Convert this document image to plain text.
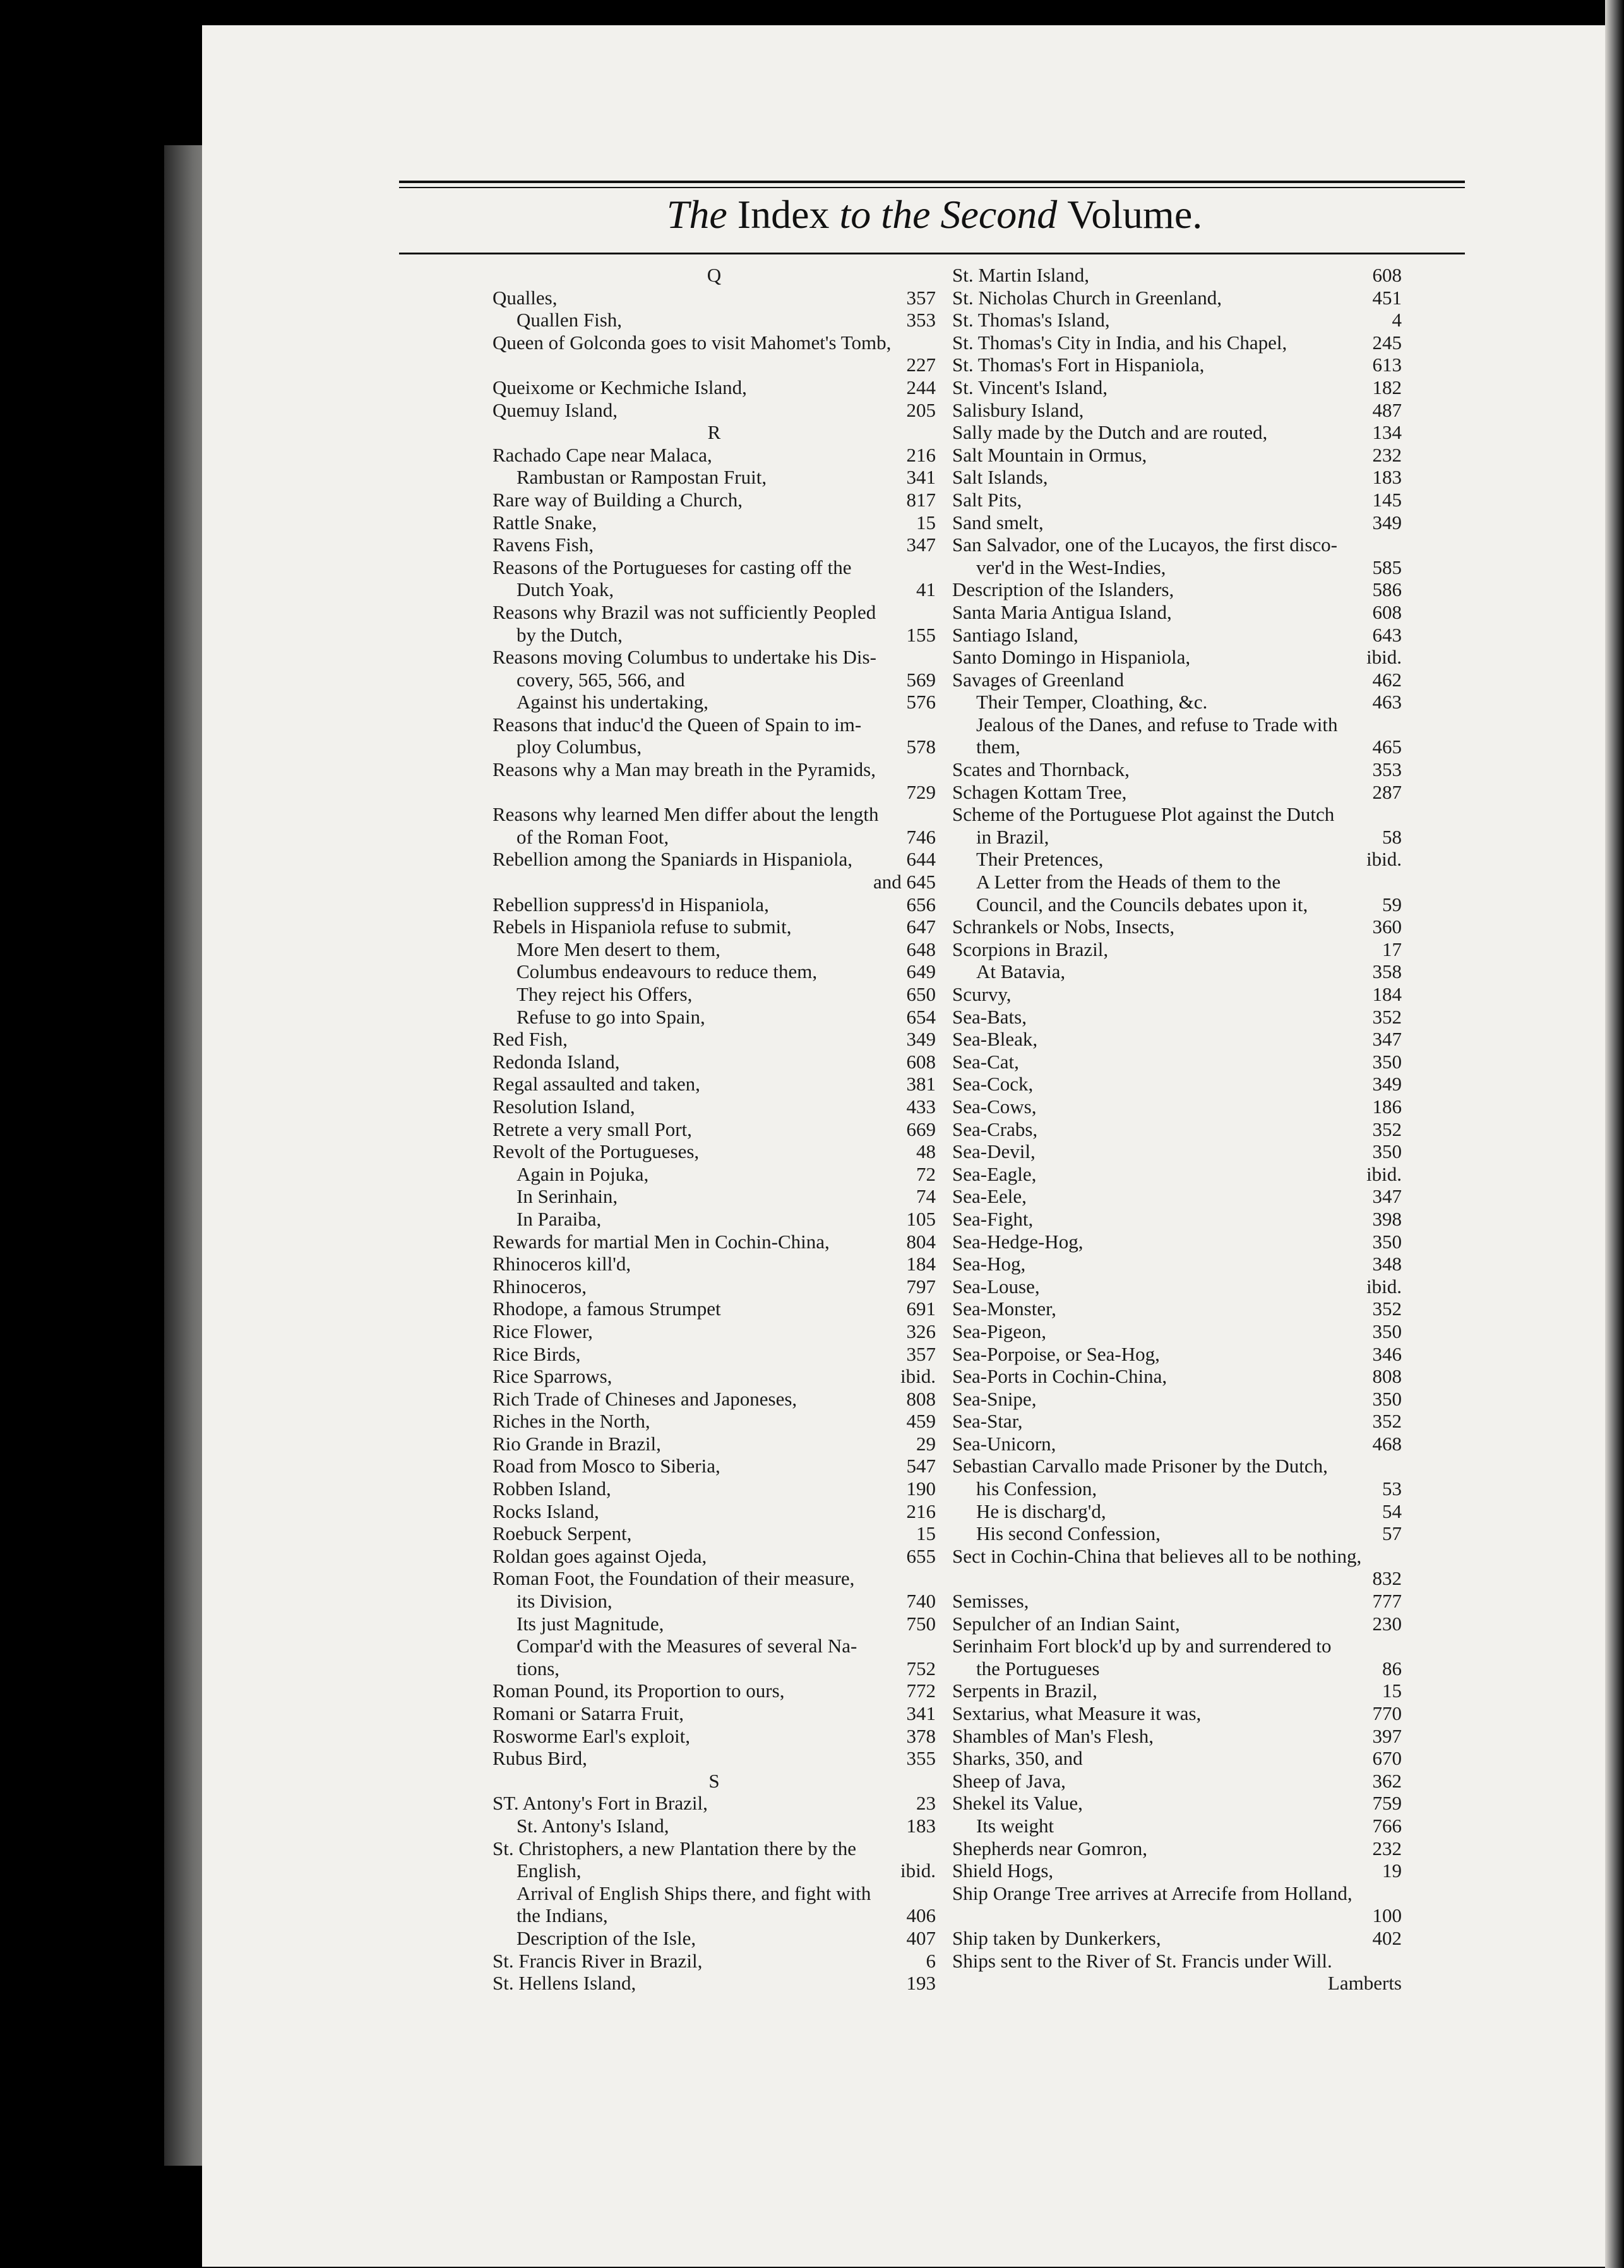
The Index to the Second Volume.
Q
Qualles,	357
Quallen Fish,	353
Queen of Golconda goes to visit Mahomet's Tomb,
227
Queixome or Kechmiche Island,	244
Quemuy Island,	205
R
Rachado Cape near Malaca,	216
Rambustan or Rampostan Fruit,	341
Rare way of Building a Church,	817
Rattle Snake,	15
Ravens Fish,	347
Reasons of the Portugueses for casting off the
Dutch Yoak,	41
Reasons why Brazil was not sufficiently Peopled
by the Dutch,	155
Reasons moving Columbus to undertake his Dis-
covery, 565, 566, and	569
Against his undertaking,	576
Reasons that induc'd the Queen of Spain to im-
ploy Columbus,	578
Reasons why a Man may breath in the Pyramids,
729
Reasons why learned Men differ about the length
of the Roman Foot,	746
Rebellion among the Spaniards in Hispaniola,	644
and 645
Rebellion suppress'd in Hispaniola,	656
Rebels in Hispaniola refuse to submit,	647
More Men desert to them,	648
Columbus endeavours to reduce them,	649
They reject his Offers,	650
Refuse to go into Spain,	654
Red Fish,	349
Redonda Island,	608
Regal assaulted and taken,	381
Resolution Island,	433
Retrete a very small Port,	669
Revolt of the Portugueses,	48
Again in Pojuka,	72
In Serinhain,	74
In Paraiba,	105
Rewards for martial Men in Cochin-China,	804
Rhinoceros kill'd,	184
Rhinoceros,	797
Rhodope, a famous Strumpet	691
Rice Flower,	326
Rice Birds,	357
Rice Sparrows,	ibid.
Rich Trade of Chineses and Japoneses,	808
Riches in the North,	459
Rio Grande in Brazil,	29
Road from Mosco to Siberia,	547
Robben Island,	190
Rocks Island,	216
Roebuck Serpent,	15
Roldan goes against Ojeda,	655
Roman Foot, the Foundation of their measure,
its Division,	740
Its just Magnitude,	750
Compar'd with the Measures of several Na-
tions,	752
Roman Pound, its Proportion to ours,	772
Romani or Satarra Fruit,	341
Rosworme Earl's exploit,	378
Rubus Bird,	355
S
ST. Antony's Fort in Brazil,	23
St. Antony's Island,	183
St. Christophers, a new Plantation there by the
English,	ibid.
Arrival of English Ships there, and fight with
the Indians,	406
Description of the Isle,	407
St. Francis River in Brazil,	6
St. Hellens Island,	193
St. Martin Island,	608
St. Nicholas Church in Greenland,	451
St. Thomas's Island,	4
St. Thomas's City in India, and his Chapel,	245
St. Thomas's Fort in Hispaniola,	613
St. Vincent's Island,	182
Salisbury Island,	487
Sally made by the Dutch and are routed,	134
Salt Mountain in Ormus,	232
Salt Islands,	183
Salt Pits,	145
Sand smelt,	349
San Salvador, one of the Lucayos, the first disco-
ver'd in the West-Indies,	585
Description of the Islanders,	586
Santa Maria Antigua Island,	608
Santiago Island,	643
Santo Domingo in Hispaniola,	ibid.
Savages of Greenland	462
Their Temper, Cloathing, &c.	463
Jealous of the Danes, and refuse to Trade with
them,	465
Scates and Thornback,	353
Schagen Kottam Tree,	287
Scheme of the Portuguese Plot against the Dutch
in Brazil,	58
Their Pretences,	ibid.
A Letter from the Heads of them to the
Council, and the Councils debates upon it,	59
Schrankels or Nobs, Insects,	360
Scorpions in Brazil,	17
At Batavia,	358
Scurvy,	184
Sea-Bats,	352
Sea-Bleak,	347
Sea-Cat,	350
Sea-Cock,	349
Sea-Cows,	186
Sea-Crabs,	352
Sea-Devil,	350
Sea-Eagle,	ibid.
Sea-Eele,	347
Sea-Fight,	398
Sea-Hedge-Hog,	350
Sea-Hog,	348
Sea-Louse,	ibid.
Sea-Monster,	352
Sea-Pigeon,	350
Sea-Porpoise, or Sea-Hog,	346
Sea-Ports in Cochin-China,	808
Sea-Snipe,	350
Sea-Star,	352
Sea-Unicorn,	468
Sebastian Carvallo made Prisoner by the Dutch,
his Confession,	53
He is discharg'd,	54
His second Confession,	57
Sect in Cochin-China that believes all to be nothing,
832
Semisses,	777
Sepulcher of an Indian Saint,	230
Serinhaim Fort block'd up by and surrendered to
the Portugueses	86
Serpents in Brazil,	15
Sextarius, what Measure it was,	770
Shambles of Man's Flesh,	397
Sharks, 350, and	670
Sheep of Java,	362
Shekel its Value,	759
Its weight	766
Shepherds near Gomron,	232
Shield Hogs,	19
Ship Orange Tree arrives at Arrecife from Holland,
100
Ship taken by Dunkerkers,	402
Ships sent to the River of St. Francis under Will.
Lamberts
